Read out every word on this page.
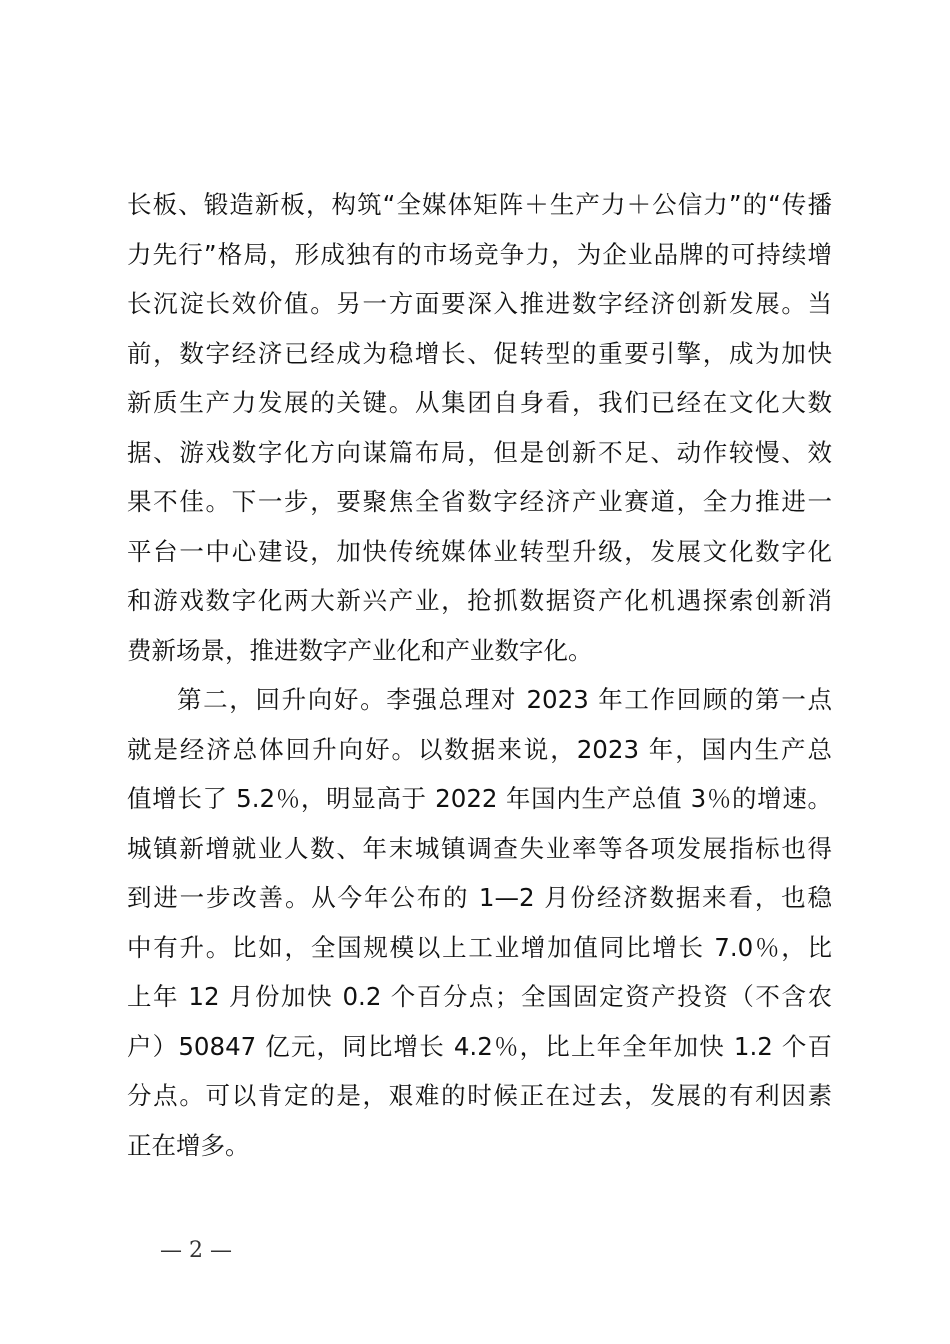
长板、锻造新板，构筑“全媒体矩阵＋生产力＋公信力”的“传播
力先行”格局，形成独有的市场竞争力，为企业品牌的可持续增
长沉淀长效价值。另一方面要深入推进数字经济创新发展。当
前，数字经济已经成为稳增长、促转型的重要引擎，成为加快
新质生产力发展的关键。从集团自身看，我们已经在文化大数
据、游戏数字化方向谋篇布局，但是创新不足、动作较慢、效
果不佳。下一步，要聚焦全省数字经济产业赛道，全力推进一
平台一中心建设，加快传统媒体业转型升级，发展文化数字化
和游戏数字化两大新兴产业，抢抓数据资产化机遇探索创新消
费新场景，推进数字产业化和产业数字化。
第二，回升向好。李强总理对 2023 年工作回顾的第一点
就是经济总体回升向好。以数据来说，2023 年，国内生产总
值增长了 5.2％，明显高于 2022 年国内生产总值 3％的增速。
城镇新增就业人数、年末城镇调查失业率等各项发展指标也得
到进一步改善。从今年公布的 1—2 月份经济数据来看，也稳
中有升。比如，全国规模以上工业增加值同比增长 7.0％，比
上年 12 月份加快 0.2 个百分点；全国固定资产投资（不含农
户）50847 亿元，同比增长 4.2％，比上年全年加快 1.2 个百
分点。可以肯定的是，艰难的时候正在过去，发展的有利因素
正在增多。
— 2 —
